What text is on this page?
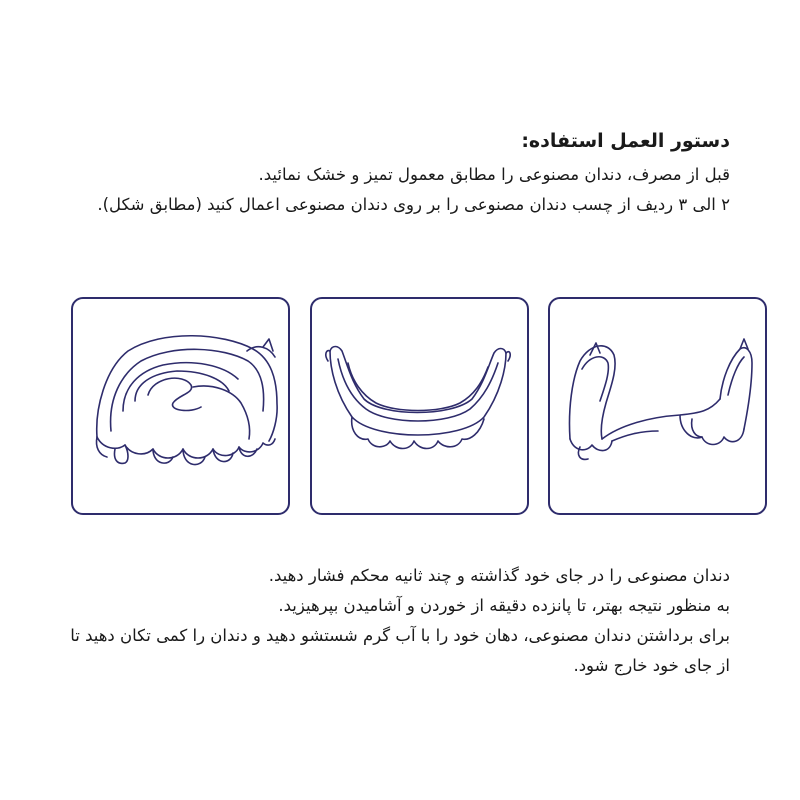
دستور العمل استفاده:
قبل از مصرف، دندان مصنوعی را مطابق معمول تمیز و خشک نمائید.
۲ الی ۳ ردیف از چسب دندان مصنوعی را بر روی دندان مصنوعی اعمال کنید (مطابق شکل).
دندان مصنوعی را در جای خود گذاشته و چند ثانیه محکم فشار دهید.
به منظور نتیجه بهتر، تا پانزده دقیقه از خوردن و آشامیدن بپرهیزید.
برای برداشتن دندان مصنوعی، دهان خود را با آب گرم شستشو دهید و دندان را کمی تکان دهید تا از جای خود خارج شود.
